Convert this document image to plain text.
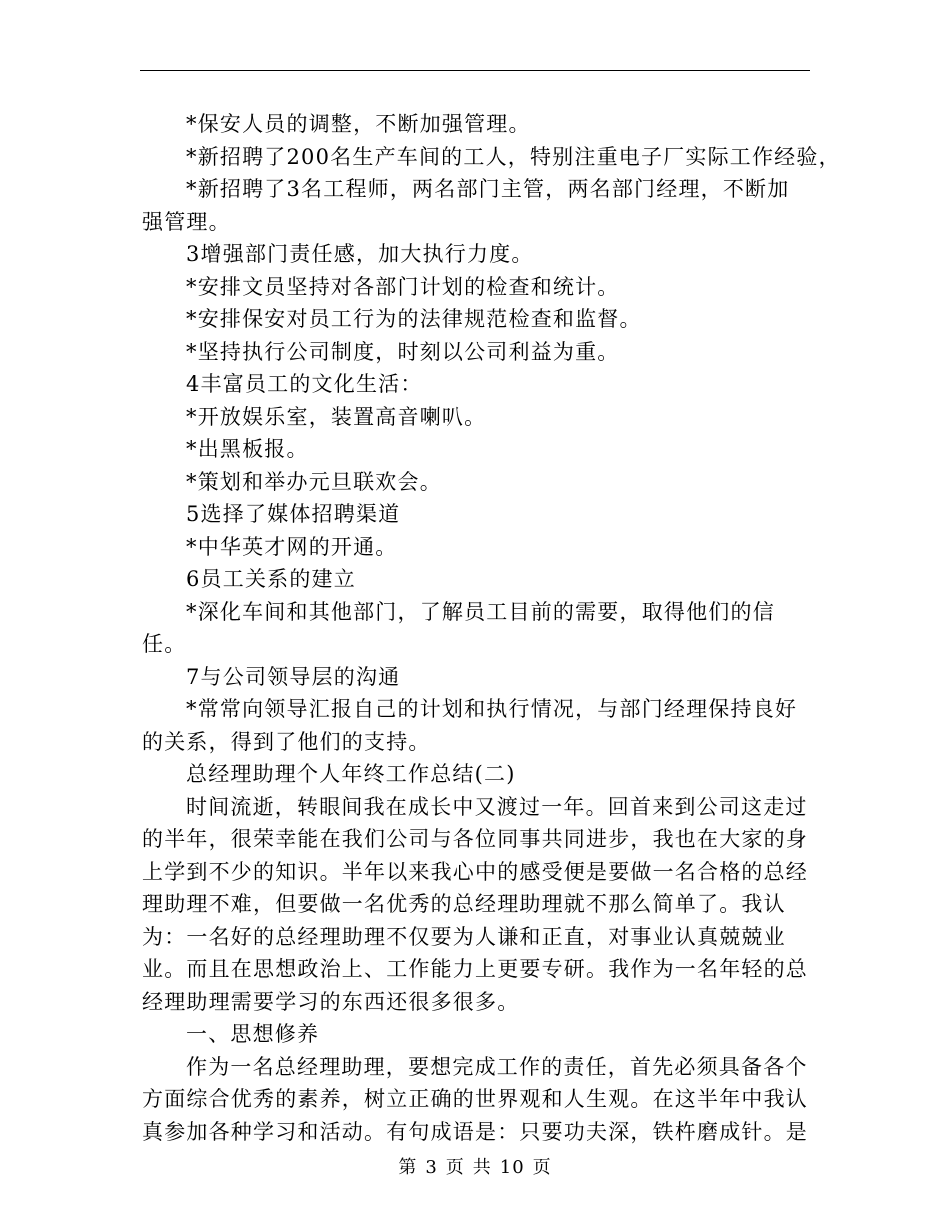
*保安人员的调整，不断加强管理。

*新招聘了200名生产车间的工人，特别注重电子厂实际工作经验，

*新招聘了3名工程师，两名部门主管，两名部门经理，不断加强管理。

3增强部门责任感，加大执行力度。

*安排文员坚持对各部门计划的检查和统计。

*安排保安对员工行为的法律规范检查和监督。

*坚持执行公司制度，时刻以公司利益为重。

4丰富员工的文化生活：

*开放娱乐室，装置高音喇叭。

*出黑板报。

*策划和举办元旦联欢会。

5选择了媒体招聘渠道

*中华英才网的开通。

6员工关系的建立

*深化车间和其他部门，了解员工目前的需要，取得他们的信任。

7与公司领导层的沟通

*常常向领导汇报自己的计划和执行情况，与部门经理保持良好的关系，得到了他们的支持。

总经理助理个人年终工作总结(二)

时间流逝，转眼间我在成长中又渡过一年。回首来到公司这走过的半年，很荣幸能在我们公司与各位同事共同进步，我也在大家的身上学到不少的知识。半年以来我心中的感受便是要做一名合格的总经理助理不难，但要做一名优秀的总经理助理就不那么简单了。我认为：一名好的总经理助理不仅要为人谦和正直，对事业认真兢兢业业。而且在思想政治上、工作能力上更要专研。我作为一名年轻的总经理助理需要学习的东西还很多很多。

一、思想修养

作为一名总经理助理，要想完成工作的责任，首先必须具备各个方面综合优秀的素养，树立正确的世界观和人生观。在这半年中我认真参加各种学习和活动。有句成语是：只要功夫深，铁杵磨成针。是

第 3 页 共 10 页
